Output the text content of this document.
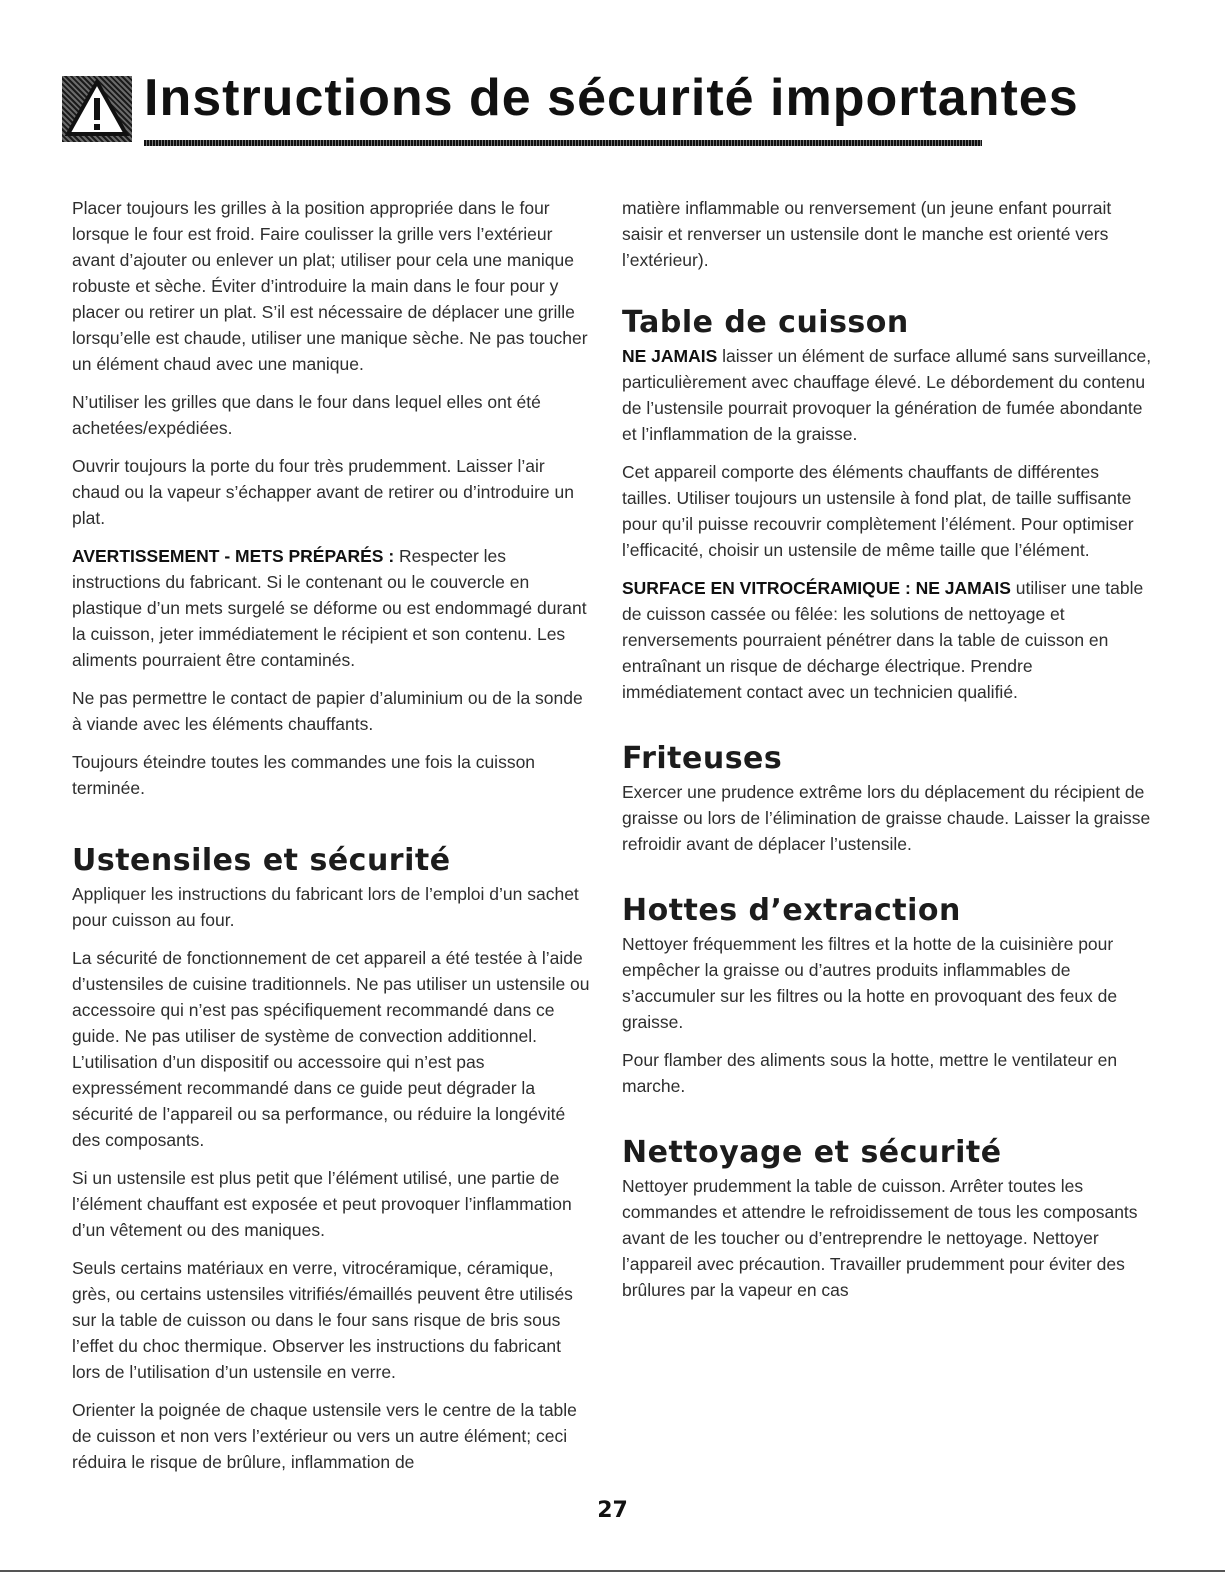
Instructions de sécurité importantes

Placer toujours les grilles à la position appropriée dans le four lorsque le four est froid. Faire coulisser la grille vers l’extérieur avant d’ajouter ou enlever un plat; utiliser pour cela une manique robuste et sèche. Éviter d’introduire la main dans le four pour y placer ou retirer un plat. S’il est nécessaire de déplacer une grille lorsqu’elle est chaude, utiliser une manique sèche. Ne pas toucher un élément chaud avec une manique.

N’utiliser les grilles que dans le four dans lequel elles ont été achetées/expédiées.

Ouvrir toujours la porte du four très prudemment. Laisser l’air chaud ou la vapeur s’échapper avant de retirer ou d’introduire un plat.

AVERTISSEMENT - METS PRÉPARÉS : Respecter les instructions du fabricant. Si le contenant ou le couvercle en plastique d’un mets surgelé se déforme ou est endommagé durant la cuisson, jeter immédiatement le récipient et son contenu. Les aliments pourraient être contaminés.

Ne pas permettre le contact de papier d’aluminium ou de la sonde à viande avec les éléments chauffants.

Toujours éteindre toutes les commandes une fois la cuisson terminée.

Ustensiles et sécurité

Appliquer les instructions du fabricant lors de l’emploi d’un sachet pour cuisson au four.

La sécurité de fonctionnement de cet appareil a été testée à l’aide d’ustensiles de cuisine traditionnels. Ne pas utiliser un ustensile ou accessoire qui n’est pas spécifiquement recommandé dans ce guide. Ne pas utiliser de système de convection additionnel. L’utilisation d’un dispositif ou accessoire qui n’est pas expressément recommandé dans ce guide peut dégrader la sécurité de l’appareil ou sa performance, ou réduire la longévité des composants.

Si un ustensile est plus petit que l’élément utilisé, une partie de l’élément chauffant est exposée et peut provoquer l’inflammation d’un vêtement ou des maniques.

Seuls certains matériaux en verre, vitrocéramique, céramique, grès, ou certains ustensiles vitrifiés/émaillés peuvent être utilisés sur la table de cuisson ou dans le four sans risque de bris sous l’effet du choc thermique. Observer les instructions du fabricant lors de l’utilisation d’un ustensile en verre.

Orienter la poignée de chaque ustensile vers le centre de la table de cuisson et non vers l’extérieur ou vers un autre élément; ceci réduira le risque de brûlure, inflammation de

matière inflammable ou renversement (un jeune enfant pourrait saisir et renverser un ustensile dont le manche est orienté vers l’extérieur).

Table de cuisson

NE JAMAIS laisser un élément de surface allumé sans surveillance, particulièrement avec chauffage élevé. Le débordement du contenu de l’ustensile pourrait provoquer la génération de fumée abondante et l’inflammation de la graisse.

Cet appareil comporte des éléments chauffants de différentes tailles. Utiliser toujours un ustensile à fond plat, de taille suffisante pour qu’il puisse recouvrir complètement l’élément. Pour optimiser l’efficacité, choisir un ustensile de même taille que l’élément.

SURFACE EN VITROCÉRAMIQUE : NE JAMAIS utiliser une table de cuisson cassée ou fêlée: les solutions de nettoyage et renversements pourraient pénétrer dans la table de cuisson en entraînant un risque de décharge électrique. Prendre immédiatement contact avec un technicien qualifié.

Friteuses

Exercer une prudence extrême lors du déplacement du récipient de graisse ou lors de l’élimination de graisse chaude. Laisser la graisse refroidir avant de déplacer l’ustensile.

Hottes d’extraction

Nettoyer fréquemment les filtres et la hotte de la cuisinière pour empêcher la graisse ou d’autres produits inflammables de s’accumuler sur les filtres ou la hotte en provoquant des feux de graisse.

Pour flamber des aliments sous la hotte, mettre le ventilateur en marche.

Nettoyage et sécurité

Nettoyer prudemment la table de cuisson. Arrêter toutes les commandes et attendre le refroidissement de tous les composants avant de les toucher ou d’entreprendre le nettoyage. Nettoyer l’appareil avec précaution. Travailler prudemment pour éviter des brûlures par la vapeur en cas

27
